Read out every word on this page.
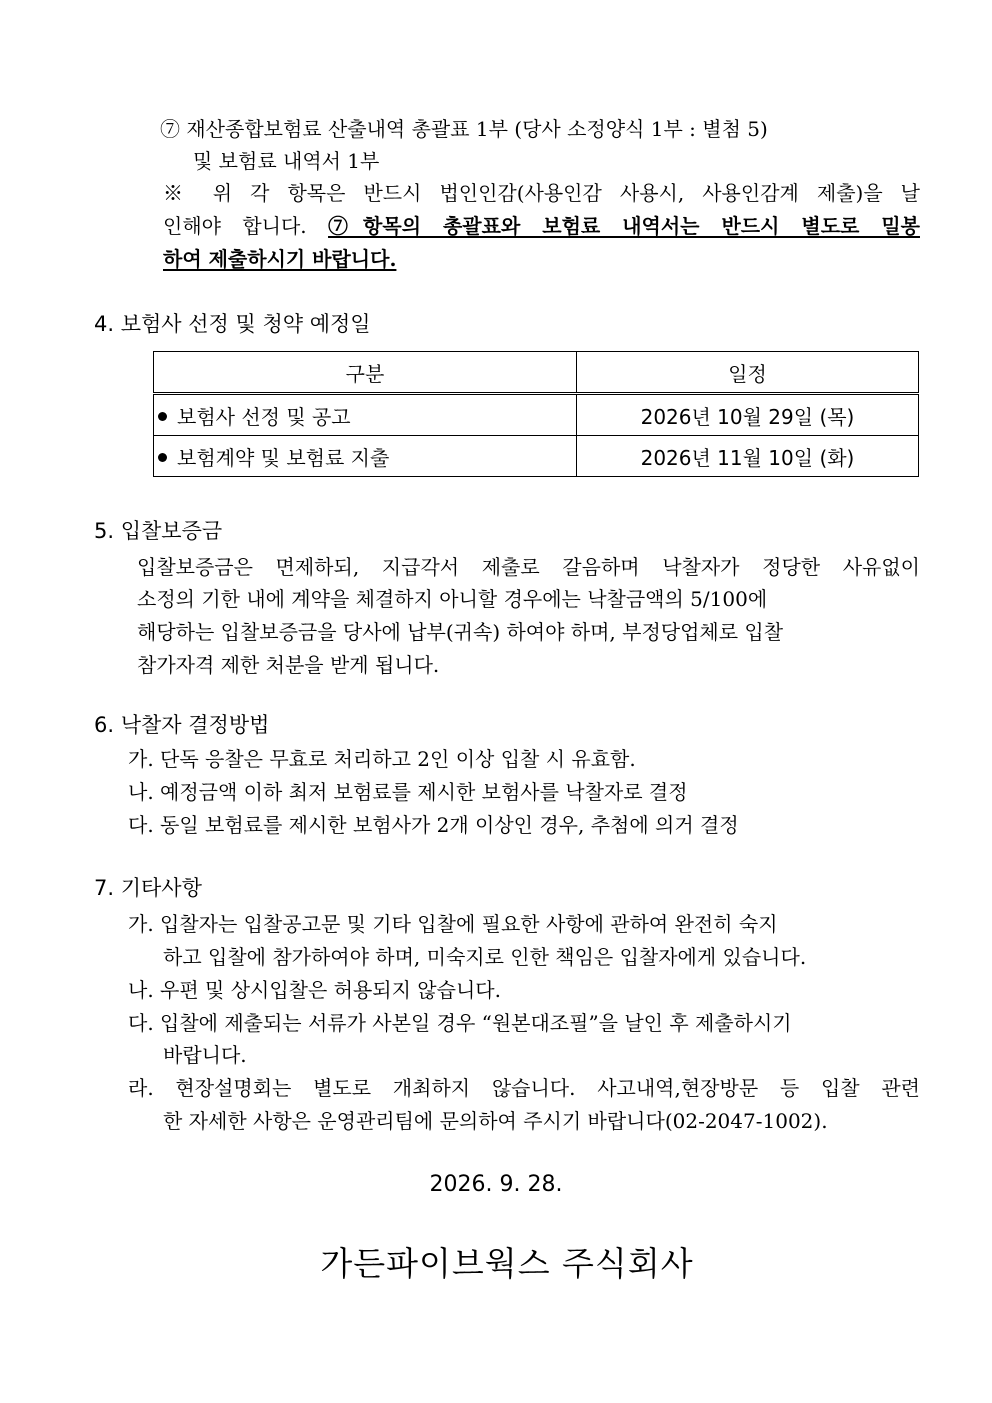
⑦ 재산종합보험료 산출내역 총괄표 1부 (당사 소정양식 1부 : 별첨 5)
및 보험료 내역서 1부
※ 위 각 항목은 반드시 법인인감(사용인감 사용시, 사용인감계 제출)을 날
인해야 합니다. ⑦항목의 총괄표와 보험료 내역서는 반드시 별도로 밀봉
하여 제출하시기 바랍니다.
4. 보험사 선정 및 청약 예정일
구분	일정
보험사 선정 및 공고	2026년 10월 29일 (목)
보험계약 및 보험료 지출	2026년 11월 10일 (화)
5. 입찰보증금
입찰보증금은 면제하되, 지급각서 제출로 갈음하며 낙찰자가 정당한 사유없이
소정의 기한 내에 계약을 체결하지 아니할 경우에는 낙찰금액의 5/100에
해당하는 입찰보증금을 당사에 납부(귀속) 하여야 하며, 부정당업체로 입찰
참가자격 제한 처분을 받게 됩니다.
6. 낙찰자 결정방법
가. 단독 응찰은 무효로 처리하고 2인 이상 입찰 시 유효함.
나. 예정금액 이하 최저 보험료를 제시한 보험사를 낙찰자로 결정
다. 동일 보험료를 제시한 보험사가 2개 이상인 경우, 추첨에 의거 결정
7. 기타사항
가. 입찰자는 입찰공고문 및 기타 입찰에 필요한 사항에 관하여 완전히 숙지
하고 입찰에 참가하여야 하며, 미숙지로 인한 책임은 입찰자에게 있습니다.
나. 우편 및 상시입찰은 허용되지 않습니다.
다. 입찰에 제출되는 서류가 사본일 경우 “원본대조필”을 날인 후 제출하시기
바랍니다.
라. 현장설명회는 별도로 개최하지 않습니다. 사고내역,현장방문 등 입찰 관련
한 자세한 사항은 운영관리팀에 문의하여 주시기 바랍니다(02-2047-1002).
2026. 9. 28.
가든파이브웍스 주식회사
